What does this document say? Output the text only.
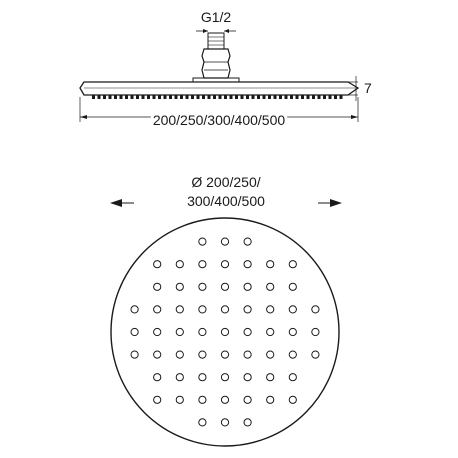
G1/2
7
200/250/300/400/500
Ø 200/250/
300/400/500
